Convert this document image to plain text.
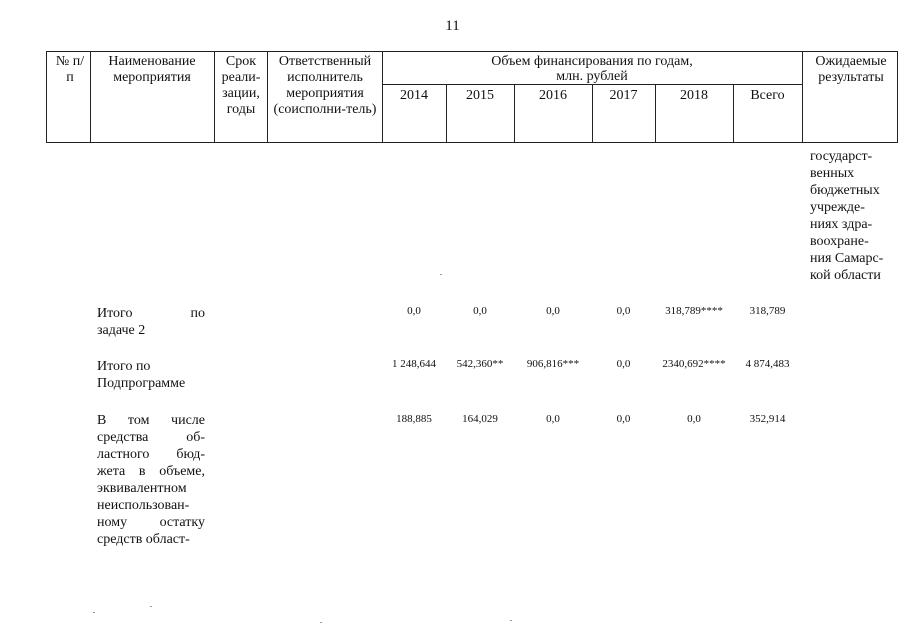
11
№ п/п
Наименование мероприятия
Срок реали-зации, годы
Ответственный исполнитель мероприятия (соисполни-тель)
Объем финансирования по годам,
млн. рублей
2014	2015	2016	2017	2018	Всего
Ожидаемые результаты
государст-
венных
бюджетных
учрежде-
ниях здра-
воохране-
ния Самарс-
кой области
Итого по
задаче 2
0,0	0,0	0,0	0,0	318,789****	318,789
Итого по
Подпрограмме
1 248,644	542,360**	906,816***	0,0	2340,692****	4 874,483
В том числе
средства об-
ластного бюд-
жета в объеме,
эквивалентном
неиспользован-
ному остатку
средств област-
188,885	164,029	0,0	0,0	0,0	352,914
